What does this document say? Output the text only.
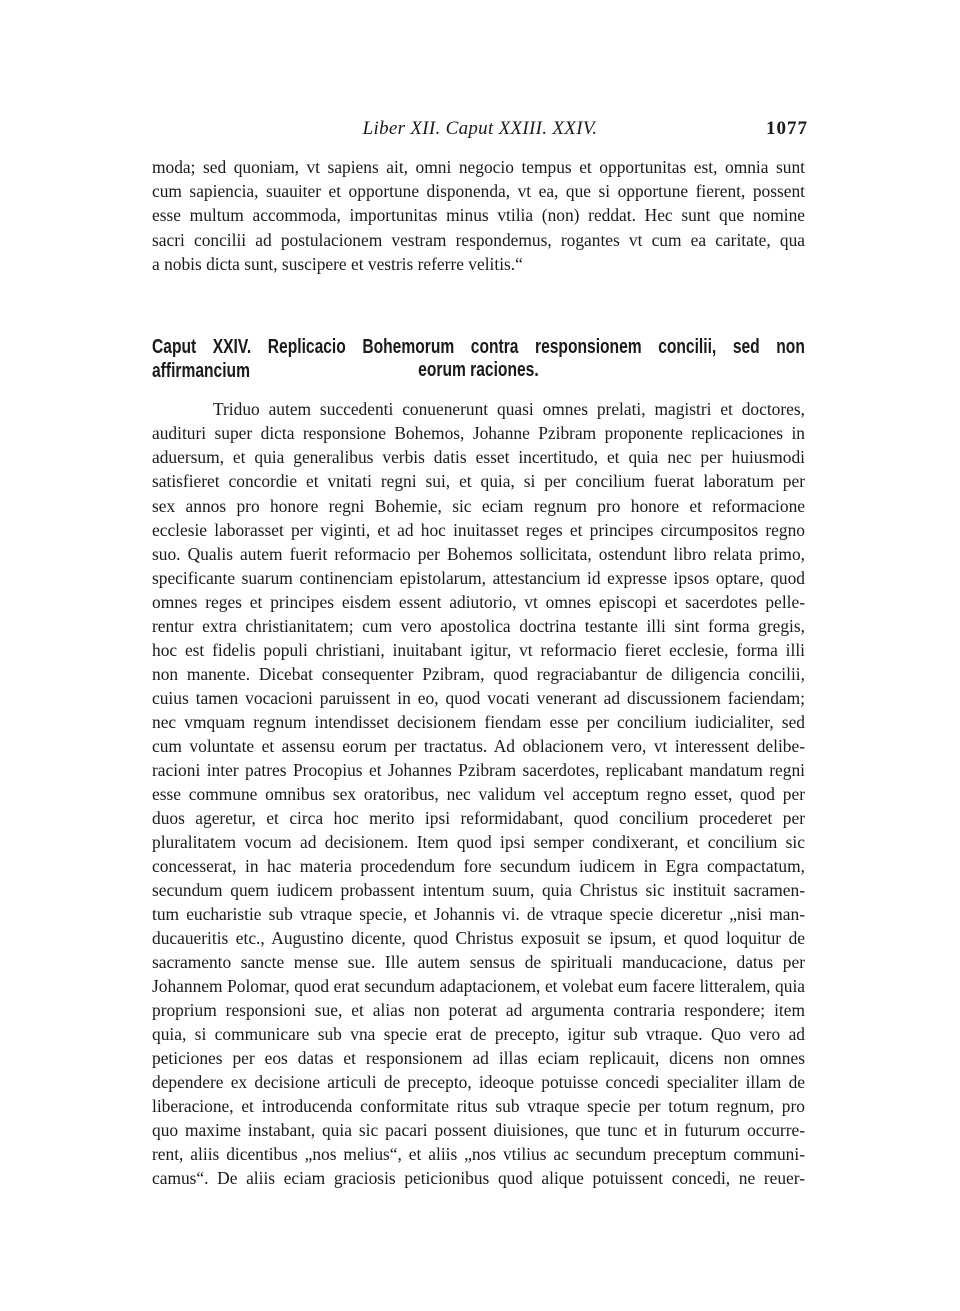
Liber XII. Caput XXIII. XXIV.	1077
moda; sed quoniam, vt sapiens ait, omni negocio tempus et opportunitas est, omnia sunt
cum sapiencia, suauiter et opportune disponenda, vt ea, que si opportune fierent, possent
esse multum accommoda, importunitas minus vtilia (non) reddat. Hec sunt que nomine
sacri concilii ad postulacionem vestram respondemus, rogantes vt cum ea caritate, qua
a nobis dicta sunt, suscipere et vestris referre velitis.“
Caput XXIV. Replicacio Bohemorum contra responsionem concilii, sed non affirmancium	eorum raciones.
Triduo autem succedenti conuenerunt quasi omnes prelati, magistri et doctores,
audituri super dicta responsione Bohemos, Johanne Pzibram proponente replicaciones in
aduersum, et quia generalibus verbis datis esset incertitudo, et quia nec per huiusmodi
satisfieret concordie et vnitati regni sui, et quia, si per concilium fuerat laboratum per
sex annos pro honore regni Bohemie, sic eciam regnum pro honore et reformacione
ecclesie laborasset per viginti, et ad hoc inuitasset reges et principes circumpositos regno
suo. Qualis autem fuerit reformacio per Bohemos sollicitata, ostendunt libro relata primo,
specificante suarum continenciam epistolarum, attestancium id expresse ipsos optare, quod
omnes reges et principes eisdem essent adiutorio, vt omnes episcopi et sacerdotes pelle-
rentur extra christianitatem; cum vero apostolica doctrina testante illi sint forma gregis,
hoc est fidelis populi christiani, inuitabant igitur, vt reformacio fieret ecclesie, forma illi
non manente. Dicebat consequenter Pzibram, quod regraciabantur de diligencia concilii,
cuius tamen vocacioni paruissent in eo, quod vocati venerant ad discussionem faciendam;
nec vmquam regnum intendisset decisionem fiendam esse per concilium iudicialiter, sed
cum voluntate et assensu eorum per tractatus. Ad oblacionem vero, vt interessent delibe-
racioni inter patres Procopius et Johannes Pzibram sacerdotes, replicabant mandatum regni
esse commune omnibus sex oratoribus, nec validum vel acceptum regno esset, quod per
duos ageretur, et circa hoc merito ipsi reformidabant, quod concilium procederet per
pluralitatem vocum ad decisionem. Item quod ipsi semper condixerant, et concilium sic
concesserat, in hac materia procedendum fore secundum iudicem in Egra compactatum,
secundum quem iudicem probassent intentum suum, quia Christus sic instituit sacramen-
tum eucharistie sub vtraque specie, et Johannis vi. de vtraque specie diceretur „nisi man-
ducaueritis etc., Augustino dicente, quod Christus exposuit se ipsum, et quod loquitur de
sacramento sancte mense sue. Ille autem sensus de spirituali manducacione, datus per
Johannem Polomar, quod erat secundum adaptacionem, et volebat eum facere litteralem, quia
proprium responsioni sue, et alias non poterat ad argumenta contraria respondere; item
quia, si communicare sub vna specie erat de precepto, igitur sub vtraque. Quo vero ad
peticiones per eos datas et responsionem ad illas eciam replicauit, dicens non omnes
dependere ex decisione articuli de precepto, ideoque potuisse concedi specialiter illam de
liberacione, et introducenda conformitate ritus sub vtraque specie per totum regnum, pro
quo maxime instabant, quia sic pacari possent diuisiones, que tunc et in futurum occurre-
rent, aliis dicentibus „nos melius“, et aliis „nos vtilius ac secundum preceptum communi-
camus“. De aliis eciam graciosis peticionibus quod alique potuissent concedi, ne reuer-
